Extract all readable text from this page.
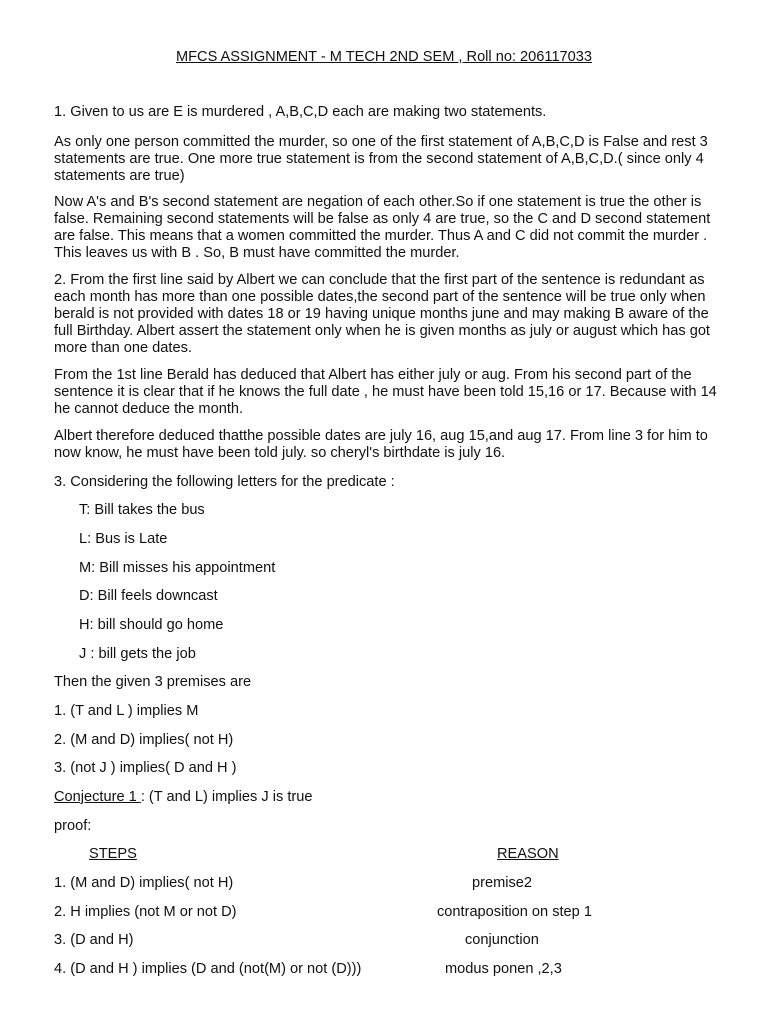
MFCS ASSIGNMENT - M TECH 2ND SEM , Roll no: 206117033

1. Given to us are E is murdered , A,B,C,D each are making two statements.

As only one person committed the murder, so one of the first statement of A,B,C,D is False and rest 3 statements are true. One more true statement is from the second statement of A,B,C,D.( since only 4 statements are true)

Now A's and B's second statement are negation of each other.So if one statement is true the other is false. Remaining second statements will be false as only 4 are true, so the C and D second statement are false. This means that a women committed the murder. Thus A and C did not commit the murder . This leaves us with B . So, B must have committed the murder.

2. From the first line said by Albert we can conclude that the first part of the sentence is redundant as each month has more than one possible dates,the second part of the sentence will be true only when berald is not provided with dates 18 or 19 having unique months june and may making B aware of the full Birthday. Albert assert the statement only when he is given months as july or august which has got more than one dates.

From the 1st line Berald has deduced that Albert has either july or aug. From his second part of the sentence it is clear that if he knows the full date , he must have been told 15,16 or 17. Because with 14 he cannot deduce the month.

Albert therefore deduced thatthe possible dates are july 16, aug 15,and aug 17. From line 3 for him to now know, he must have been told july. so cheryl's birthdate is july 16.

3. Considering the following letters for the predicate :
T: Bill takes the bus
L: Bus is Late
M: Bill misses his appointment
D: Bill feels downcast
H: bill should go home
J : bill gets the job
Then the given 3 premises are
1. (T and L ) implies M
2. (M and D) implies( not H)
3. (not J ) implies( D and H )
Conjecture 1 : (T and L) implies J is true
proof:
STEPS	REASON
1. (M and D) implies( not H)	premise2
2. H implies (not M or not D)	contraposition on step 1
3. (D and H)	conjunction
4. (D and H ) implies (D and (not(M) or not (D)))	modus ponen ,2,3
